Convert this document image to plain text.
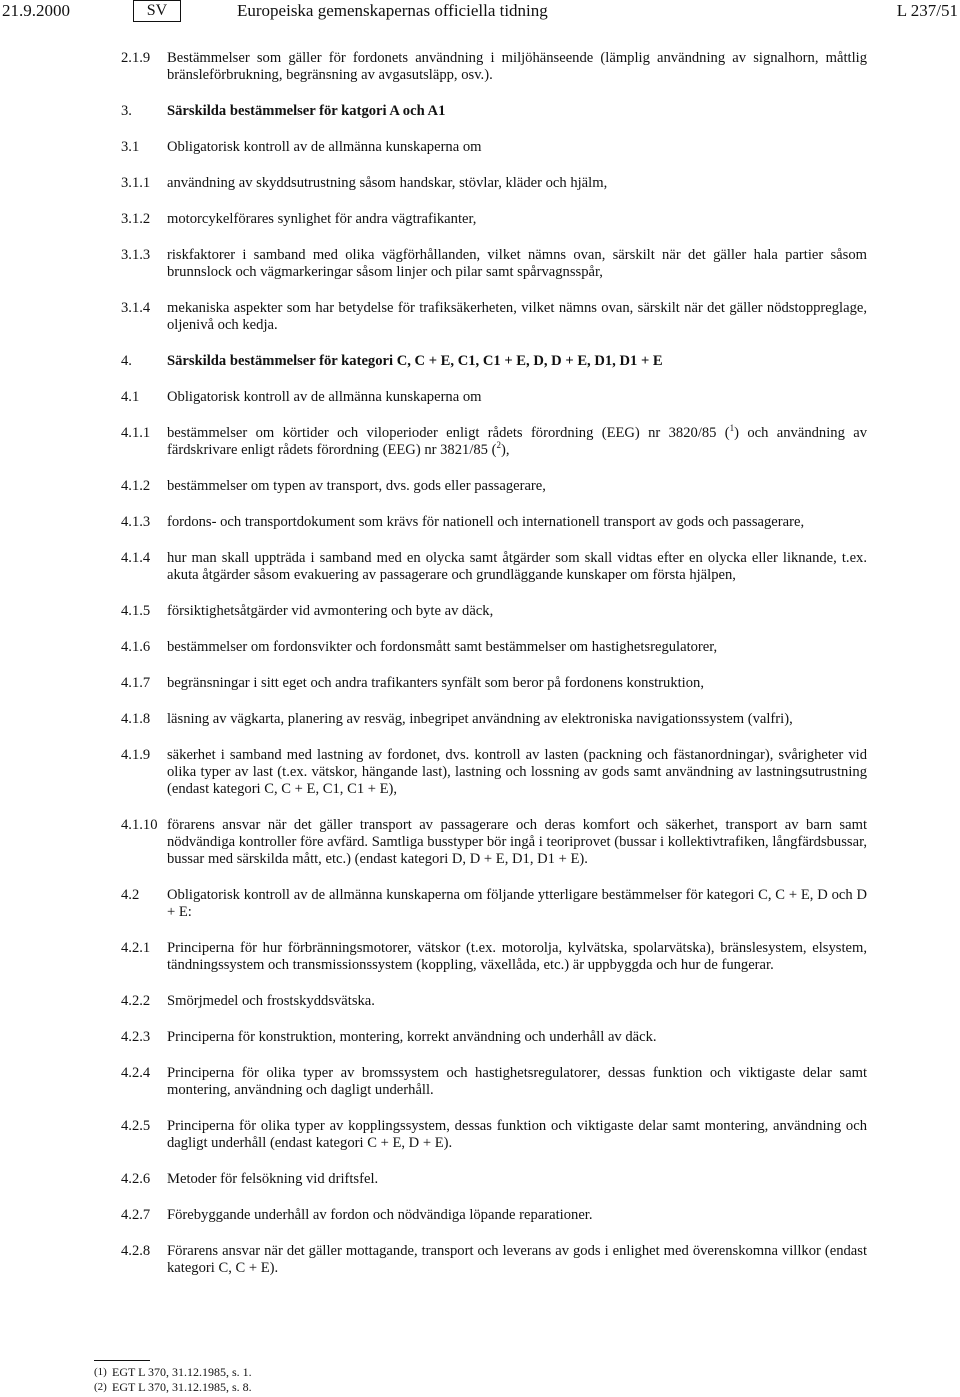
21.9.2000	SV	Europeiska gemenskapernas officiella tidning	L 237/51
2.1.9	Bestämmelser som gäller för fordonets användning i miljöhänseende (lämplig användning av signalhorn, måttlig bränsleförbrukning, begränsning av avgasutsläpp, osv.).
3.	Särskilda bestämmelser för katgori A och A1
3.1	Obligatorisk kontroll av de allmänna kunskaperna om
3.1.1	användning av skyddsutrustning såsom handskar, stövlar, kläder och hjälm,
3.1.2	motorcykelförares synlighet för andra vägtrafikanter,
3.1.3	riskfaktorer i samband med olika vägförhållanden, vilket nämns ovan, särskilt när det gäller hala partier såsom brunnslock och vägmarkeringar såsom linjer och pilar samt spårvagnsspår,
3.1.4	mekaniska aspekter som har betydelse för trafiksäkerheten, vilket nämns ovan, särskilt när det gäller nödstoppreglage, oljenivå och kedja.
4.	Särskilda bestämmelser för kategori C, C + E, C1, C1 + E, D, D + E, D1, D1 + E
4.1	Obligatorisk kontroll av de allmänna kunskaperna om
4.1.1	bestämmelser om körtider och viloperioder enligt rådets förordning (EEG) nr 3820/85 ($^1$) och användning av färdskrivare enligt rådets förordning (EEG) nr 3821/85 ($^2$),
4.1.2	bestämmelser om typen av transport, dvs. gods eller passagerare,
4.1.3	fordons- och transportdokument som krävs för nationell och internationell transport av gods och passagerare,
4.1.4	hur man skall uppträda i samband med en olycka samt åtgärder som skall vidtas efter en olycka eller liknande, t.ex. akuta åtgärder såsom evakuering av passagerare och grundläggande kunskaper om första hjälpen,
4.1.5	försiktighetsåtgärder vid avmontering och byte av däck,
4.1.6	bestämmelser om fordonsvikter och fordonsmått samt bestämmelser om hastighetsregulatorer,
4.1.7	begränsningar i sitt eget och andra trafikanters synfält som beror på fordonens konstruktion,
4.1.8	läsning av vägkarta, planering av resväg, inbegripet användning av elektroniska navigationssystem (valfri),
4.1.9	säkerhet i samband med lastning av fordonet, dvs. kontroll av lasten (packning och fästanordningar), svårigheter vid olika typer av last (t.ex. vätskor, hängande last), lastning och lossning av gods samt användning av lastningsutrustning (endast kategori C, C + E, C1, C1 + E),
4.1.10 förarens ansvar när det gäller transport av passagerare och deras komfort och säkerhet, transport av barn samt nödvändiga kontroller före avfärd. Samtliga busstyper bör ingå i teoriprovet (bussar i kollektivtrafiken, långfärdsbussar, bussar med särskilda mått, etc.) (endast kategori D, D + E, D1, D1 + E).
4.2	Obligatorisk kontroll av de allmänna kunskaperna om följande ytterligare bestämmelser för kategori C, C + E, D och D + E:
4.2.1	Principerna för hur förbränningsmotorer, vätskor (t.ex. motorolja, kylvätska, spolarvätska), bränslesystem, elsystem, tändningssystem och transmissionssystem (koppling, växellåda, etc.) är uppbyggda och hur de fungerar.
4.2.2	Smörjmedel och frostskyddsvätska.
4.2.3	Principerna för konstruktion, montering, korrekt användning och underhåll av däck.
4.2.4	Principerna för olika typer av bromssystem och hastighetsregulatorer, dessas funktion och viktigaste delar samt montering, användning och dagligt underhåll.
4.2.5	Principerna för olika typer av kopplingssystem, dessas funktion och viktigaste delar samt montering, användning och dagligt underhåll (endast kategori C + E, D + E).
4.2.6	Metoder för felsökning vid driftsfel.
4.2.7	Förebyggande underhåll av fordon och nödvändiga löpande reparationer.
4.2.8	Förarens ansvar när det gäller mottagande, transport och leverans av gods i enlighet med överenskomna villkor (endast kategori C, C + E).
(1) EGT L 370, 31.12.1985, s. 1.
(2) EGT L 370, 31.12.1985, s. 8.
